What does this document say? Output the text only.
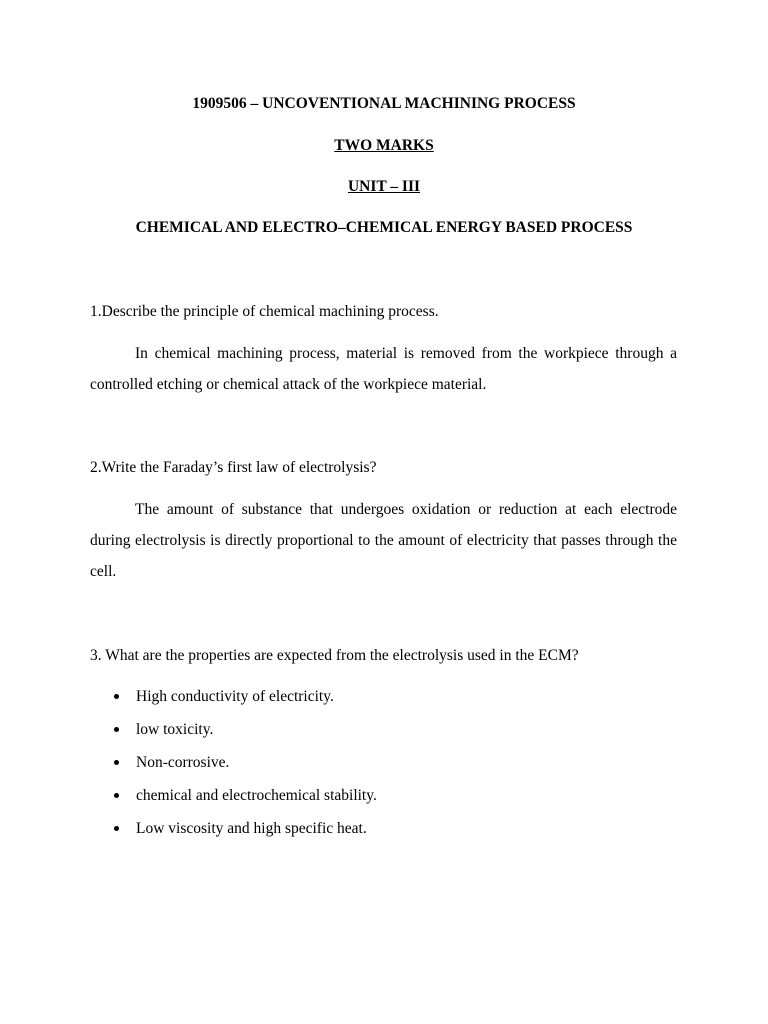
1909506 – UNCOVENTIONAL MACHINING PROCESS

TWO MARKS

UNIT – III

CHEMICAL AND ELECTRO–CHEMICAL ENERGY BASED PROCESS

1.Describe the principle of chemical machining process.

In chemical machining process, material is removed from the workpiece through a controlled etching or chemical attack of the workpiece material.

2.Write the Faraday’s first law of electrolysis?

The amount of substance that undergoes oxidation or reduction at each electrode during electrolysis is directly proportional to the amount of electricity that passes through the cell.

3. What are the properties are expected from the electrolysis used in the ECM?

High conductivity of electricity.
low toxicity.
Non-corrosive.
chemical and electrochemical stability.
Low viscosity and high specific heat.
